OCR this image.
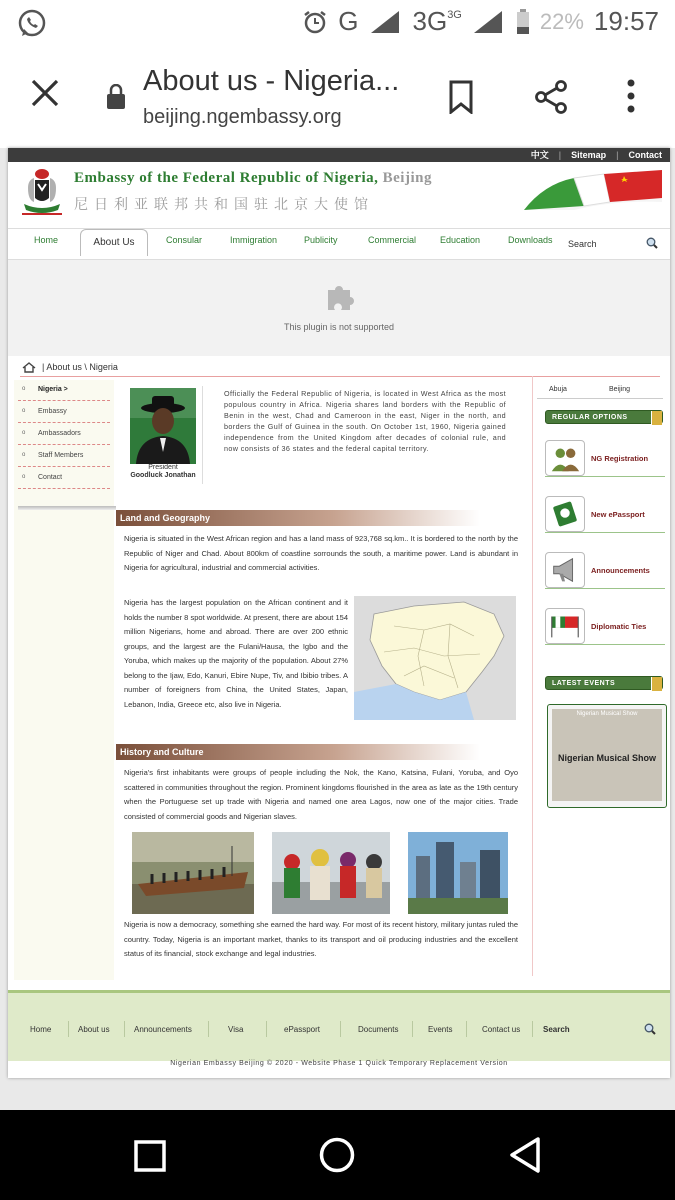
G $3G^{3G}$	22% 19:57
About us - Nigeria...
beijing.ngembassy.org
中文 | Sitemap | Contact
Embassy of the Federal Republic of Nigeria, Beijing
尼日利亚联邦共和国驻北京大使馆
Home	About Us	Consular	Immigration	Publicity	Commercial	Education	Downloads Search
This plugin is not supported
| About us \ Nigeria
o Nigeria >
o Embassy
o Ambassadors
o Staff Members
o Contact
President
Goodluck Jonathan
Officially the Federal Republic of Nigeria, is located in West Africa as the most populous country in Africa. Nigeria shares land borders with the Republic of Benin in the west, Chad and Cameroon in the east, Niger in the north, and borders the Gulf of Guinea in the south. On October 1st, 1960, Nigeria gained independence from the United Kingdom after decades of colonial rule, and now consists of 36 states and the federal capital territory.
Land and Geography
Nigeria is situated in the West African region and has a land mass of 923,768 sq.km.. It is bordered to the north by the Republic of Niger and Chad. About 800km of coastline sorrounds the south, a maritime power. Land is abundant in Nigeria for agricultural, industrial and commercial activities.
Nigeria has the largest population on the African continent and it holds the number 8 spot worldwide. At present, there are about 154 million Nigerians, home and abroad. There are over 200 ethnic groups, and the largest are the Fulani/Hausa, the Igbo and the Yoruba, which makes up the majority of the population. About 27% belong to the Ijaw, Edo, Kanuri, Ebire Nupe, Tiv, and Ibibio tribes. A number of foreigners from China, the United States, Japan, Lebanon, India, Greece etc, also live in Nigeria.
History and Culture
Nigeria's first inhabitants were groups of people including the Nok, the Kano, Katsina, Fulani, Yoruba, and Oyo scattered in communities throughout the region. Prominent kingdoms flourished in the area as late as the 19th century when the Portuguese set up trade with Nigeria and named one area Lagos, now one of the major cities. Trade consisted of commercial goods and Nigerian slaves.
Nigeria is now a democracy, something she earned the hard way. For most of its recent history, military juntas ruled the country. Today, Nigeria is an important market, thanks to its transport and oil producing industries and the excellent status of its financial, stock exchange and legal industries.
Abuja	Beijing
REGULAR OPTIONS
NG Registration
New ePassport
Announcements
Diplomatic Ties
LATEST EVENTS
Nigerian Musical Show
Nigerian Musical Show
Home	About us	Announcements	Visa	ePassport	Documents	Events	Contact us	Search
Nigerian Embassy Beijing © 2020 - Website Phase 1 Quick Temporary Replacement Version
